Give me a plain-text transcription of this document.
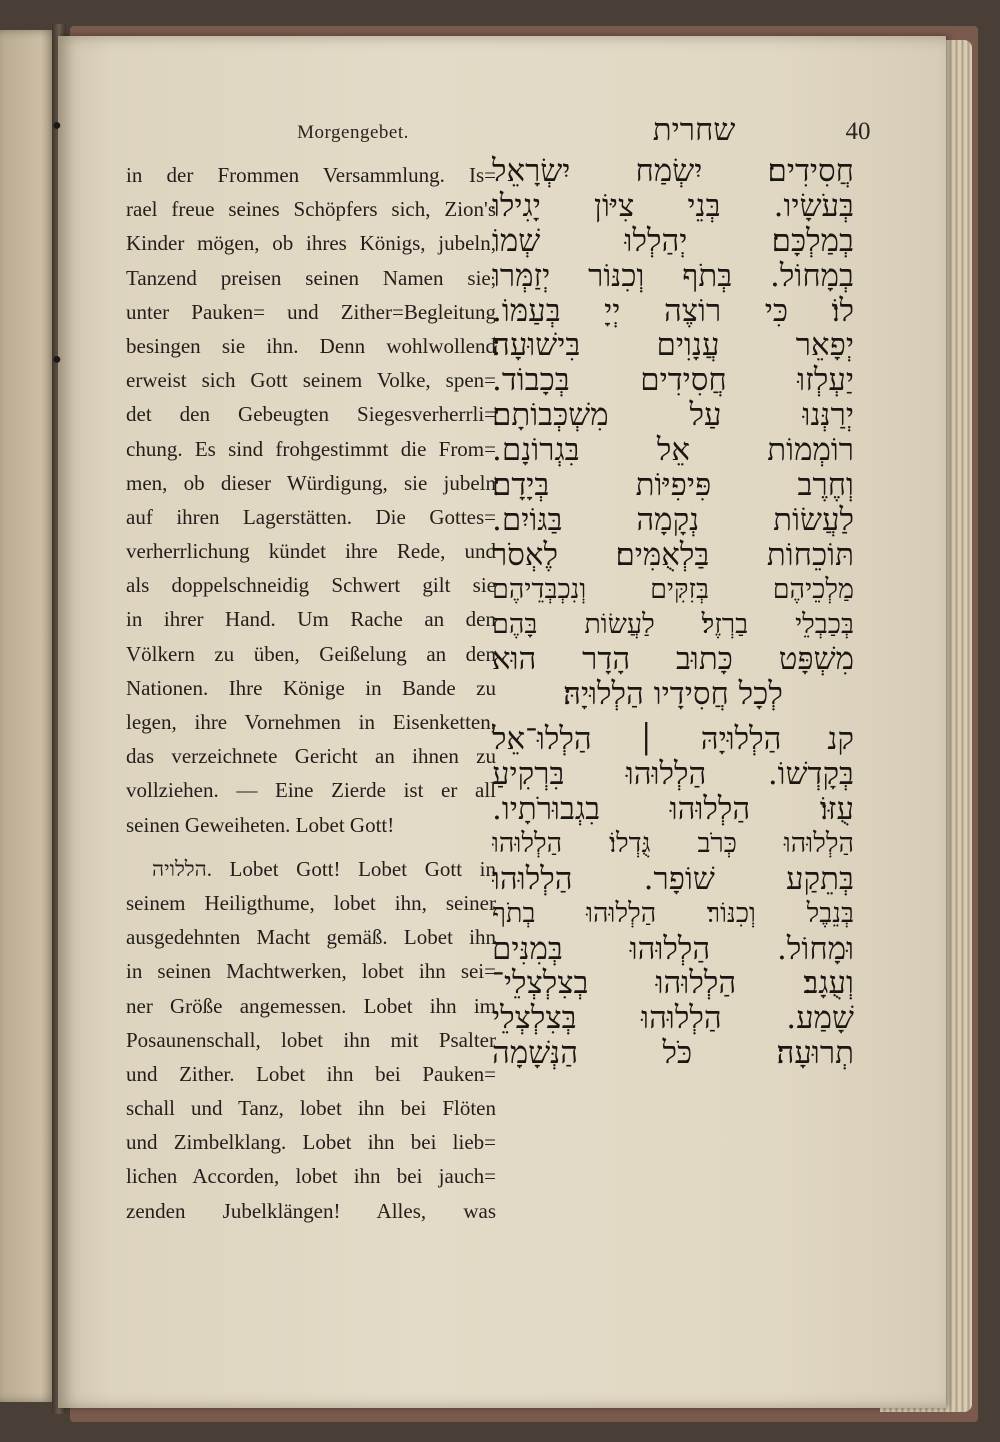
●
●
Morgengebet.	שחרית	40
in der Frommen Versammlung. Is=
rael freue seines Schöpfers sich, Zion's
Kinder mögen, ob ihres Königs, jubeln,
Tanzend preisen seinen Namen sie,
unter Pauken= und Zither=Begleitung
besingen sie ihn. Denn wohlwollend
erweist sich Gott seinem Volke, spen=
det den Gebeugten Siegesverherrli=
chung. Es sind frohgestimmt die From=
men, ob dieser Würdigung, sie jubeln
auf ihren Lagerstätten. Die Gottes=
verherrlichung kündet ihre Rede, und
als doppelschneidig Schwert gilt sie
in ihrer Hand. Um Rache an den
Völkern zu üben, Geißelung an den
Nationen. Ihre Könige in Bande zu
legen, ihre Vornehmen in Eisenketten,
das verzeichnete Gericht an ihnen zu
vollziehen. — Eine Zierde ist er all
seinen Geweiheten. Lobet Gott!
הללויה. Lobet Gott! Lobet Gott in
seinem Heiligthume, lobet ihn, seiner
ausgedehnten Macht gemäß. Lobet ihn
in seinen Machtwerken, lobet ihn sei=
ner Größe angemessen. Lobet ihn im
Posaunenschall, lobet ihn mit Psalter
und Zither. Lobet ihn bei Pauken=
schall und Tanz, lobet ihn bei Flöten
und Zimbelklang. Lobet ihn bei lieb=
lichen Accorden, lobet ihn bei jauch=
zenden Jubelklängen! Alles, was
חֲסִידִים׃ יִשְׂמַח יִשְׂרָאֵל
בְּעֹשָׂיו. בְּנֵי צִיּוֹן יָגִילוּ
בְמַלְכָּם׃ יְהַלְלוּ שְׁמוֹ
בְמָחוֹל. בְּתֹף וְכִנּוֹר יְזַמְּרוּ
לוֹ׃ כִּי רוֹצֶה יְיָ בְּעַמּוֹ.
יְפָאֵר עֲנָוִים בִּישׁוּעָה׃
יַעְלְזוּ חֲסִידִים בְּכָבוֹד.
יְרַנְּנוּ עַל מִשְׁכְּבוֹתָם׃
רוֹמְמוֹת אֵל בִּגְרוֹנָם.
וְחֶרֶב פִּיפִיּוֹת בְּיָדָם׃
לַעֲשׂוֹת נְקָמָה בַּגּוֹיִם.
תּוֹכֵחוֹת בַּלְאֻמִּים׃ לֶאְסֹר
מַלְכֵיהֶם בְּזִקִּים וְנִכְבְּדֵיהֶם
בְּכַבְלֵי בַרְזֶל׃ לַעֲשׂוֹת בָּהֶם
מִשְׁפָּט כָּתוּב הָדָר הוּא
לְכָל חֲסִידָיו הַלְלוּיָהּ׃
קנ הַלְלוּיָהּ ׀ הַלְלוּ־אֵל
בְּקָדְשׁוֹ. הַלְלוּהוּ בִּרְקִיעַ
עֻזּוֹ׃ הַלְלוּהוּ בִגְבוּרֹתָיו.
הַלְלוּהוּ כְּרֹב גֻּדְלוֹ׃ הַלְלוּהוּ
בְּתֵקַע שׁוֹפָר. הַלְלוּהוּ
בְּנֵבֶל וְכִנּוֹר׃ הַלְלוּהוּ בְתֹף
וּמָחוֹל. הַלְלוּהוּ בְּמִנִּים
וְעֻגָב׃ הַלְלוּהוּ בְצִלְצְלֵי־
שָׁמַע. הַלְלוּהוּ בְּצִלְצְלֵי
תְרוּעָה׃ כֹּל הַנְּשָׁמָה
